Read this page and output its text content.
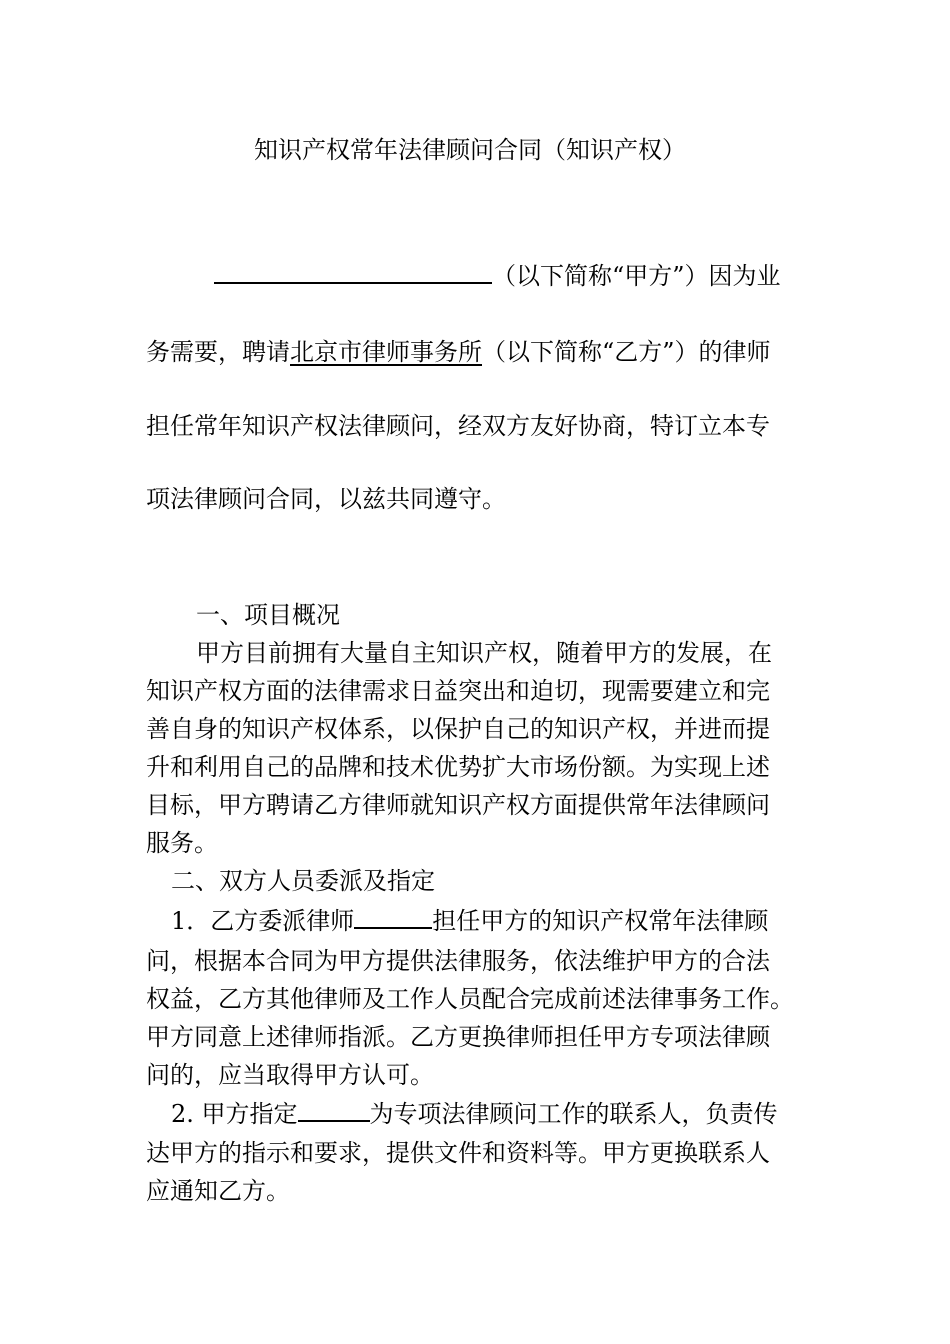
知识产权常年法律顾问合同（知识产权）
（以下简称“甲方”）因为业
务需要，聘请北京市律师事务所（以下简称“乙方”）的律师
担任常年知识产权法律顾问，经双方友好协商，特订立本专
项法律顾问合同，以兹共同遵守。
一、项目概况
甲方目前拥有大量自主知识产权，随着甲方的发展，在
知识产权方面的法律需求日益突出和迫切，现需要建立和完
善自身的知识产权体系，以保护自己的知识产权，并进而提
升和利用自己的品牌和技术优势扩大市场份额。为实现上述
目标，甲方聘请乙方律师就知识产权方面提供常年法律顾问
服务。
二、双方人员委派及指定
1．乙方委派律师	担任甲方的知识产权常年法律顾
问，根据本合同为甲方提供法律服务，依法维护甲方的合法
权益，乙方其他律师及工作人员配合完成前述法律事务工作。
甲方同意上述律师指派。乙方更换律师担任甲方专项法律顾
问的，应当取得甲方认可。
2. 甲方指定	为专项法律顾问工作的联系人，负责传
达甲方的指示和要求，提供文件和资料等。甲方更换联系人
应通知乙方。
